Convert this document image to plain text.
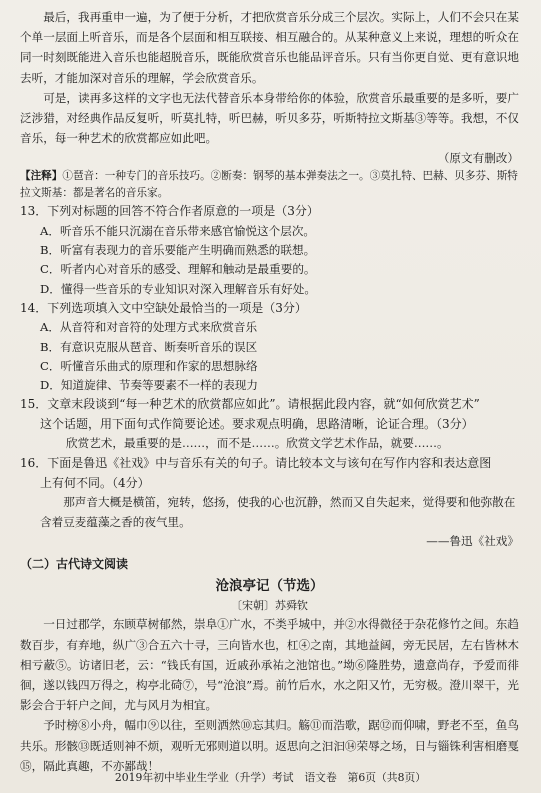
最后，我再重申一遍，为了便于分析，才把欣赏音乐分成三个层次。实际上，人们不会只在某个单一层面上听音乐，而是各个层面和相互联接、相互融合的。从某种意义上来说，理想的听众在同一时刻既能进入音乐也能超脱音乐，既能欣赏音乐也能品评音乐。只有当你更自觉、更有意识地去听，才能加深对音乐的理解，学会欣赏音乐。

可是，读再多这样的文字也无法代替音乐本身带给你的体验，欣赏音乐最重要的是多听，要广泛涉猎，对经典作品反复听，听莫扎特，听巴赫，听贝多芬，听斯特拉文斯基③等等。我想，不仅音乐，每一种艺术的欣赏都应如此吧。

（原文有删改）

【注释】①琶音：一种专门的音乐技巧。②断奏：钢琴的基本弹奏法之一。③莫扎特、巴赫、贝多芬、斯特拉文斯基：都是著名的音乐家。

13．下列对标题的回答不符合作者原意的一项是（3分）

A．听音乐不能只沉溺在音乐带来感官愉悦这个层次。

B．听富有表现力的音乐要能产生明确而熟悉的联想。

C．听者内心对音乐的感受、理解和触动是最重要的。

D．懂得一些音乐的专业知识对深入理解音乐有好处。

14．下列选项填入文中空缺处最恰当的一项是（3分）

A．从音符和对音符的处理方式来欣赏音乐

B．有意识克服从琶音、断奏听音乐的误区

C．听懂音乐曲式的原理和作家的思想脉络

D．知道旋律、节奏等要素不一样的表现力

15．文章末段谈到“每一种艺术的欣赏都应如此”。请根据此段内容，就“如何欣赏艺术”

这个话题，用下面句式作简要论述。要求观点明确，思路清晰，论证合理。（3分）

欣赏艺术，最重要的是……，而不是……。欣赏文学艺术作品，就要……。

16．下面是鲁迅《社戏》中与音乐有关的句子。请比较本文与该句在写作内容和表达意图

上有何不同。（4分）

那声音大概是横笛，宛转，悠扬，使我的心也沉静，然而又自失起来，觉得要和他弥散在含着豆麦蕴藻之香的夜气里。

——鲁迅《社戏》

（二）古代诗文阅读

沧浪亭记（节选）

〔宋朝〕苏舜钦

一日过郡学，东顾草树郁然，崇阜①广水，不类乎城中，并②水得微径于杂花修竹之间。东趋数百步，有弃地，纵广③合五六十寻，三向皆水也，杠④之南，其地益阔，旁无民居，左右皆林木相亏蔽⑤。访诸旧老，云：“钱氏有国，近戚孙承祐之池馆也。”坳⑥隆胜势，遗意尚存，予爱而徘徊，遂以钱四万得之，构亭北碕⑦，号“沧浪”焉。前竹后水，水之阳又竹，无穷极。澄川翠干，光影会合于轩户之间，尤与风月为相宜。

予时榜⑧小舟，幅巾⑨以往，至则洒然⑩忘其归。觞⑪而浩歌，踞⑫而仰啸，野老不至，鱼鸟共乐。形骸⑬既适则神不烦，观听无邪则道以明。返思向之汩汩⑭荣辱之场，日与锱铢利害相磨戛⑮，隔此真趣，不亦鄙哉！

2019年初中毕业生学业（升学）考试　语文卷　第6页（共8页）
